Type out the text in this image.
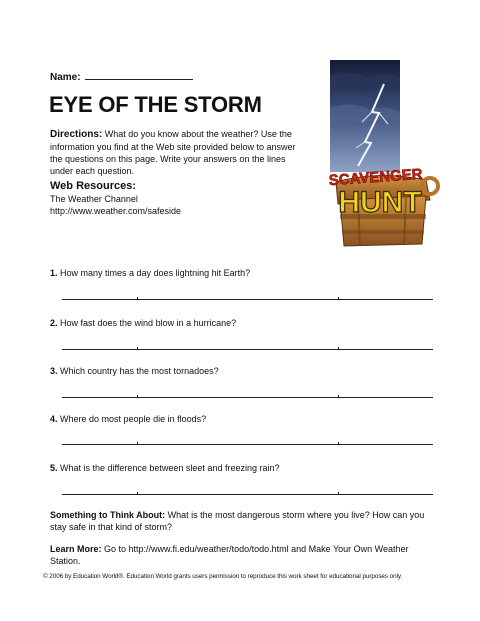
Name:
EYE OF THE STORM
Directions: What do you know about the weather? Use the information you find at the Web site provided below to answer the questions on this page. Write your answers on the lines under each question.
Web Resources:
The Weather Channel
http://www.weather.com/safeside
SCAVENGER
HUNT
1. How many times a day does lightning hit Earth?
2. How fast does the wind blow in a hurricane?
3. Which country has the most tornadoes?
4. Where do most people die in floods?
5. What is the difference between sleet and freezing rain?
Something to Think About: What is the most dangerous storm where you live? How can you stay safe in that kind of storm?
Learn More: Go to http://www.fi.edu/weather/todo/todo.html and Make Your Own Weather Station.
© 2006 by Education World®. Education World grants users permission to reproduce this work sheet for educational purposes only.
